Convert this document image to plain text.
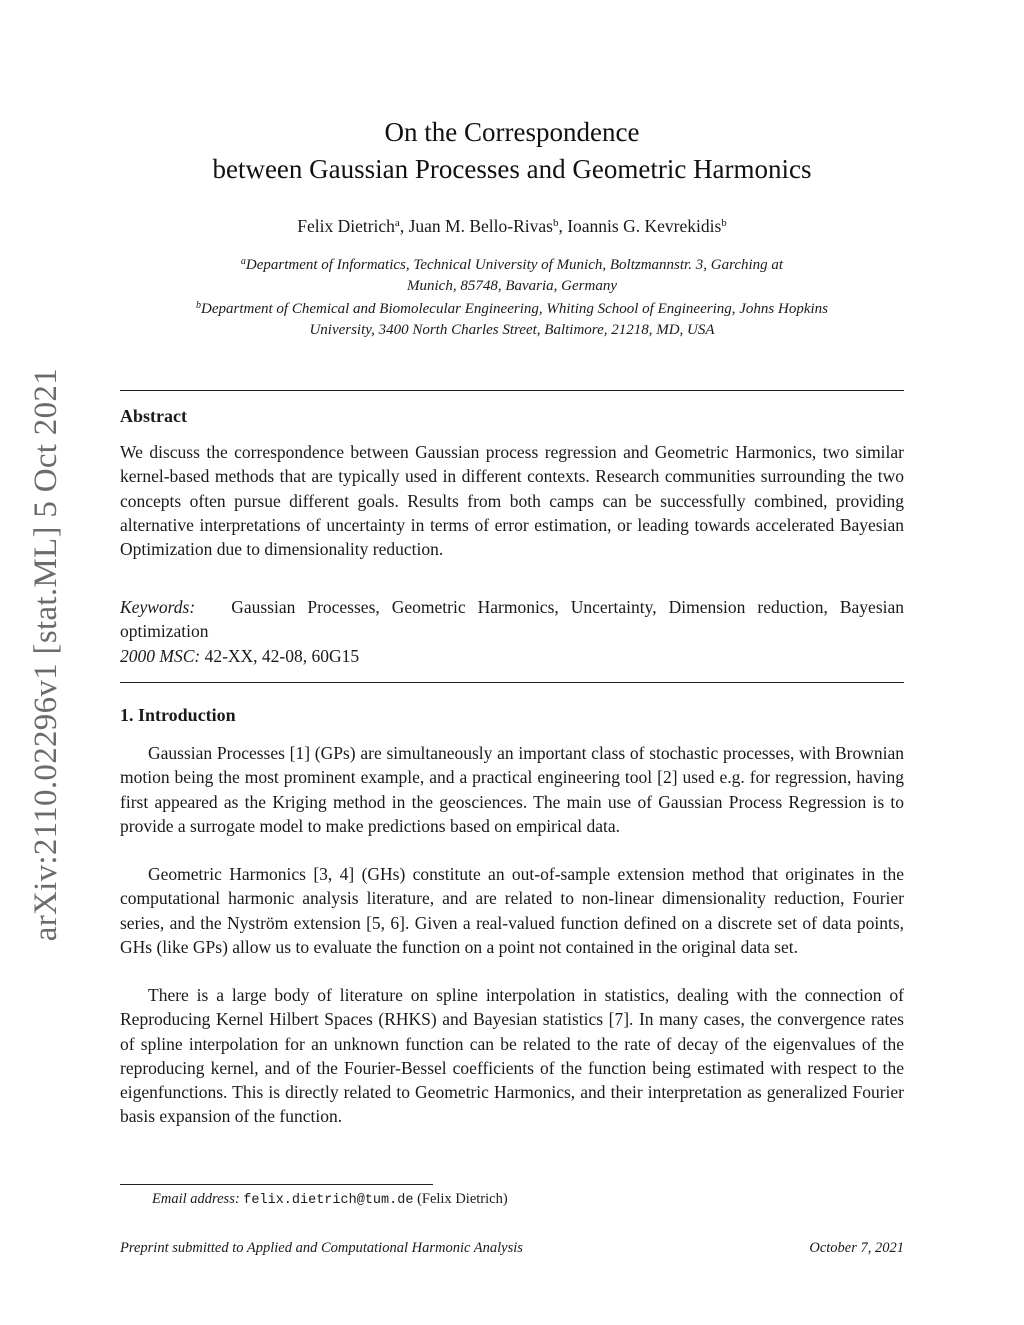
arXiv:2110.02296v1 [stat.ML] 5 Oct 2021
On the Correspondence
between Gaussian Processes and Geometric Harmonics
Felix Dietrich$^a$, Juan M. Bello-Rivas$^b$, Ioannis G. Kevrekidis$^b$
$^a$Department of Informatics, Technical University of Munich, Boltzmannstr. 3, Garching at
Munich, 85748, Bavaria, Germany
$^b$Department of Chemical and Biomolecular Engineering, Whiting School of Engineering, Johns Hopkins
University, 3400 North Charles Street, Baltimore, 21218, MD, USA
Abstract
We discuss the correspondence between Gaussian process regression and Geometric Harmonics, two similar kernel-based methods that are typically used in different contexts. Research communities surrounding the two concepts often pursue different goals. Results from both camps can be successfully combined, providing alternative interpretations of uncertainty in terms of error estimation, or leading towards accelerated Bayesian Optimization due to dimensionality reduction.
Keywords: Gaussian Processes, Geometric Harmonics, Uncertainty, Dimension reduction, Bayesian optimization
2000 MSC: 42-XX, 42-08, 60G15
1. Introduction
Gaussian Processes [1] (GPs) are simultaneously an important class of stochastic processes, with Brownian motion being the most prominent example, and a practical engineering tool [2] used e.g. for regression, having first appeared as the Kriging method in the geosciences. The main use of Gaussian Process Regression is to provide a surrogate model to make predictions based on empirical data.
Geometric Harmonics [3, 4] (GHs) constitute an out-of-sample extension method that originates in the computational harmonic analysis literature, and are related to non-linear dimensionality reduction, Fourier series, and the Nyström extension [5, 6]. Given a real-valued function defined on a discrete set of data points, GHs (like GPs) allow us to evaluate the function on a point not contained in the original data set.
There is a large body of literature on spline interpolation in statistics, dealing with the connection of Reproducing Kernel Hilbert Spaces (RHKS) and Bayesian statistics [7]. In many cases, the convergence rates of spline interpolation for an unknown function can be related to the rate of decay of the eigenvalues of the reproducing kernel, and of the Fourier-Bessel coefficients of the function being estimated with respect to the eigenfunctions. This is directly related to Geometric Harmonics, and their interpretation as generalized Fourier basis expansion of the function.
Email address: felix.dietrich@tum.de (Felix Dietrich)
Preprint submitted to Applied and Computational Harmonic Analysis	October 7, 2021
